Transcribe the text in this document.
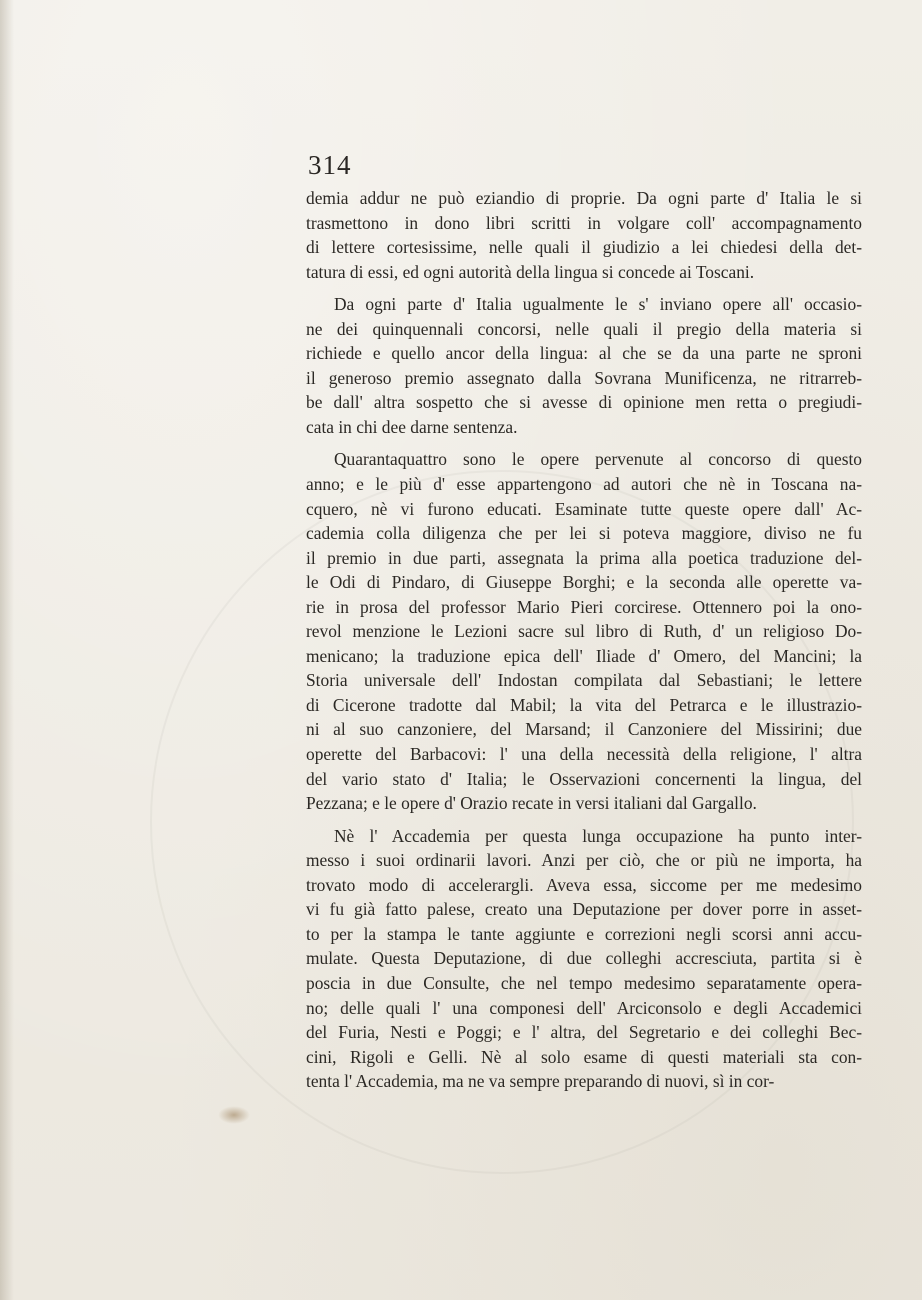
314
demia addur ne può eziandio di proprie. Da ogni parte d' Italia le si
trasmettono in dono libri scritti in volgare coll' accompagnamento
di lettere cortesissime, nelle quali il giudizio a lei chiedesi della det-
tatura di essi, ed ogni autorità della lingua si concede ai Toscani.
Da ogni parte d' Italia ugualmente le s' inviano opere all' occasio-
ne dei quinquennali concorsi, nelle quali il pregio della materia si
richiede e quello ancor della lingua: al che se da una parte ne sproni
il generoso premio assegnato dalla Sovrana Munificenza, ne ritrarreb-
be dall' altra sospetto che si avesse di opinione men retta o pregiudi-
cata in chi dee darne sentenza.
Quarantaquattro sono le opere pervenute al concorso di questo
anno; e le più d' esse appartengono ad autori che nè in Toscana na-
cquero, nè vi furono educati. Esaminate tutte queste opere dall' Ac-
cademia colla diligenza che per lei si poteva maggiore, diviso ne fu
il premio in due parti, assegnata la prima alla poetica traduzione del-
le Odi di Pindaro, di Giuseppe Borghi; e la seconda alle operette va-
rie in prosa del professor Mario Pieri corcirese. Ottennero poi la ono-
revol menzione le Lezioni sacre sul libro di Ruth, d' un religioso Do-
menicano; la traduzione epica dell' Iliade d' Omero, del Mancini; la
Storia universale dell' Indostan compilata dal Sebastiani; le lettere
di Cicerone tradotte dal Mabil; la vita del Petrarca e le illustrazio-
ni al suo canzoniere, del Marsand; il Canzoniere del Missirini; due
operette del Barbacovi: l' una della necessità della religione, l' altra
del vario stato d' Italia; le Osservazioni concernenti la lingua, del
Pezzana; e le opere d' Orazio recate in versi italiani dal Gargallo.
Nè l' Accademia per questa lunga occupazione ha punto inter-
messo i suoi ordinarii lavori. Anzi per ciò, che or più ne importa, ha
trovato modo di accelerargli. Aveva essa, siccome per me medesimo
vi fu già fatto palese, creato una Deputazione per dover porre in asset-
to per la stampa le tante aggiunte e correzioni negli scorsi anni accu-
mulate. Questa Deputazione, di due colleghi accresciuta, partita si è
poscia in due Consulte, che nel tempo medesimo separatamente opera-
no; delle quali l' una componesi dell' Arciconsolo e degli Accademici
del Furia, Nesti e Poggi; e l' altra, del Segretario e dei colleghi Bec-
cini, Rigoli e Gelli. Nè al solo esame di questi materiali sta con-
tenta l' Accademia, ma ne va sempre preparando di nuovi, sì in cor-
